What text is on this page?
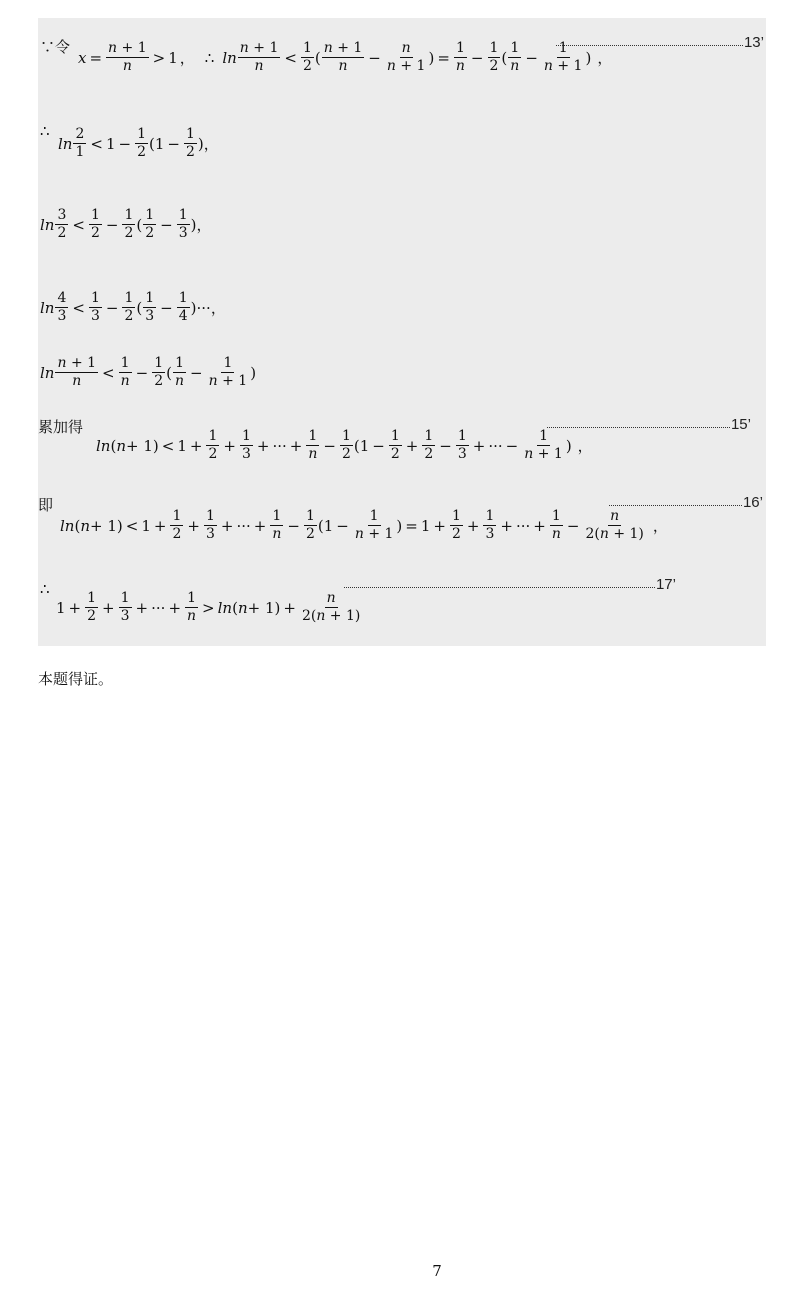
∵令
$x = \frac{n + 1}{n} > 1$ ， ∴ ln
n + 1
n <
1
2 (
n + 1
$n - \frac{n}{n + 1}$ ) = $\frac{1}{n} - \frac{1}{2}$ (
1
$n - \frac{1}{n + 1}$ ) ，
13’
∴
ln
2
$1 < 1 - \frac{1}{2} (1 - \frac{1}{2}$ ) ，
ln
3
2 <
1
$2 - \frac{1}{2}$ (
1
$2 - \frac{1}{3}$ ) ，
ln
4
3 <
1
$3 - \frac{1}{2}$ (
1
$3 - \frac{1}{4}$ )··· ，
ln
n + 1
n <
1
$n - \frac{1}{2}$ (
1
$n - \frac{1}{n + 1}$ )
累加得
ln ( $n + 1) < 1 + \frac{1}{2} + \frac{1}{3}$ + ··· + $\frac{1}{n} - \frac{1}{2} (1 - \frac{1}{2} + \frac{1}{2} - \frac{1}{3}$ + ··· − $\frac{1}{n + 1}$ ) ，
15’
即
ln ( $n + 1) < 1 + \frac{1}{2} + \frac{1}{3}$ + ··· + $\frac{1}{n} - \frac{1}{2} (1 - \frac{1}{n + 1}$ ) = $1 + \frac{1}{2} + \frac{1}{3}$ + ··· + $\frac{1}{n} - \frac{n}{2(n + 1)}$ ，
16’
∴
$1 + \frac{1}{2} + \frac{1}{3}$ + ··· + $\frac{1}{n} > \ln$ ( $n + 1) + \frac{n}{2(n + 1)}$
17’
本题得证。
7
